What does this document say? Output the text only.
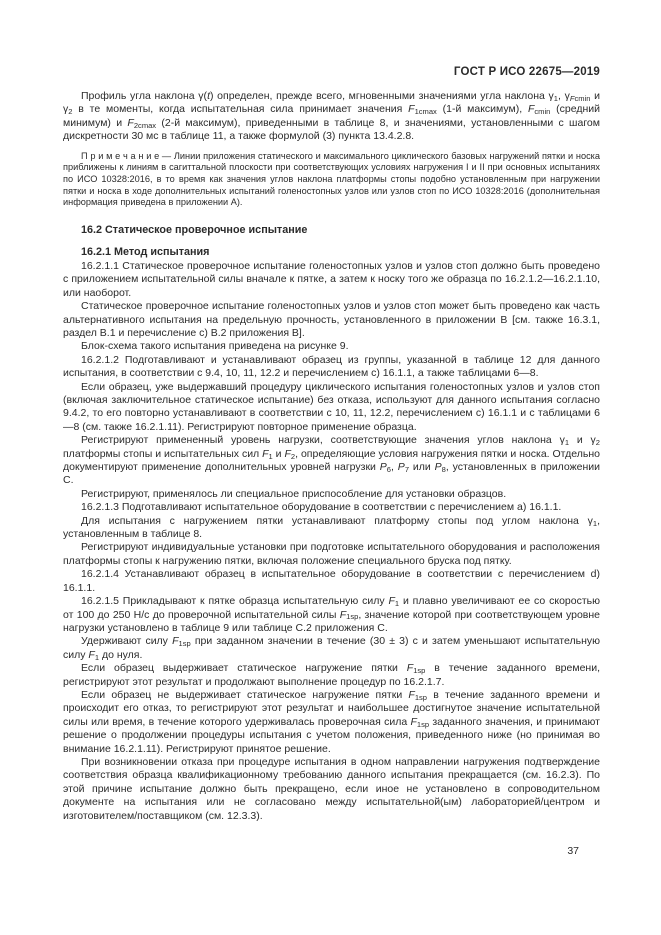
ГОСТ Р ИСО 22675—2019

Профиль угла наклона γ(t) определен, прежде всего, мгновенными значениями угла наклона $\gamma_1$, $\gamma_{Fcmin}$ и $\gamma_2$ в те моменты, когда испытательная сила принимает значения $F_{1cmax}$ (1-й максимум), $F_{cmin}$ (средний минимум) и $F_{2cmax}$ (2-й максимум), приведенными в таблице 8, и значениями, установленными с шагом дискретности 30 мс в таблице 11, а также формулой (3) пункта 13.4.2.8.

П р и м е ч а н и е — Линии приложения статического и максимального циклического базовых нагружений пятки и носка приближены к линиям в сагиттальной плоскости при соответствующих условиях нагружения I и II при основных испытаниях по ИСО 10328:2016, в то время как значения углов наклона платформы стопы подобно установленным при нагружении пятки и носка в ходе дополнительных испытаний голеностопных узлов или узлов стоп по ИСО 10328:2016 (дополнительная информация приведена в приложении А).

16.2 Статическое проверочное испытание
16.2.1 Метод испытания

16.2.1.1 Статическое проверочное испытание голеностопных узлов и узлов стоп должно быть проведено с приложением испытательной силы вначале к пятке, а затем к носку того же образца по 16.2.1.2—16.2.1.10, или наоборот.

Статическое проверочное испытание голеностопных узлов и узлов стоп может быть проведено как часть альтернативного испытания на предельную прочность, установленного в приложении В [см. также 16.3.1, раздел В.1 и перечисление с) В.2 приложения В].

Блок-схема такого испытания приведена на рисунке 9.

16.2.1.2 Подготавливают и устанавливают образец из группы, указанной в таблице 12 для данного испытания, в соответствии с 9.4, 10, 11, 12.2 и перечислением с) 16.1.1, а также таблицами 6—8.

Если образец, уже выдержавший процедуру циклического испытания голеностопных узлов и узлов стоп (включая заключительное статическое испытание) без отказа, используют для данного испытания согласно 9.4.2, то его повторно устанавливают в соответствии с 10, 11, 12.2, перечислением с) 16.1.1 и с таблицами 6—8 (см. также 16.2.1.11). Регистрируют повторное применение образца.

Регистрируют примененный уровень нагрузки, соответствующие значения углов наклона $\gamma_1$ и $\gamma_2$ платформы стопы и испытательных сил $F_1$ и $F_2$, определяющие условия нагружения пятки и носка. Отдельно документируют применение дополнительных уровней нагрузки $P_6$, $P_7$ или $P_8$, установленных в приложении С.

Регистрируют, применялось ли специальное приспособление для установки образцов.

16.2.1.3 Подготавливают испытательное оборудование в соответствии с перечислением а) 16.1.1.

Для испытания с нагружением пятки устанавливают платформу стопы под углом наклона $\gamma_1$, установленным в таблице 8.

Регистрируют индивидуальные установки при подготовке испытательного оборудования и расположения платформы стопы к нагружению пятки, включая положение специального бруска под пятку.

16.2.1.4 Устанавливают образец в испытательное оборудование в соответствии с перечислением d) 16.1.1.

16.2.1.5 Прикладывают к пятке образца испытательную силу $F_1$ и плавно увеличивают ее со скоростью от 100 до 250 Н/с до проверочной испытательной силы $F_{1sp}$, значение которой при соответствующем уровне нагрузки установлено в таблице 9 или таблице С.2 приложения С.

Удерживают силу $F_{1sp}$ при заданном значении в течение (30 ± 3) с и затем уменьшают испытательную силу $F_1$ до нуля.

Если образец выдерживает статическое нагружение пятки $F_{1sp}$ в течение заданного времени, регистрируют этот результат и продолжают выполнение процедур по 16.2.1.7.

Если образец не выдерживает статическое нагружение пятки $F_{1sp}$ в течение заданного времени и происходит его отказ, то регистрируют этот результат и наибольшее достигнутое значение испытательной силы или время, в течение которого удерживалась проверочная сила $F_{1sp}$ заданного значения, и принимают решение о продолжении процедуры испытания с учетом положения, приведенного ниже (но принимая во внимание 16.2.1.11). Регистрируют принятое решение.

При возникновении отказа при процедуре испытания в одном направлении нагружения подтверждение соответствия образца квалификационному требованию данного испытания прекращается (см. 16.2.3). По этой причине испытание должно быть прекращено, если иное не установлено в сопроводительном документе на испытания или не согласовано между испытательной(ым) лабораторией/центром и изготовителем/поставщиком (см. 12.3.3).

37
